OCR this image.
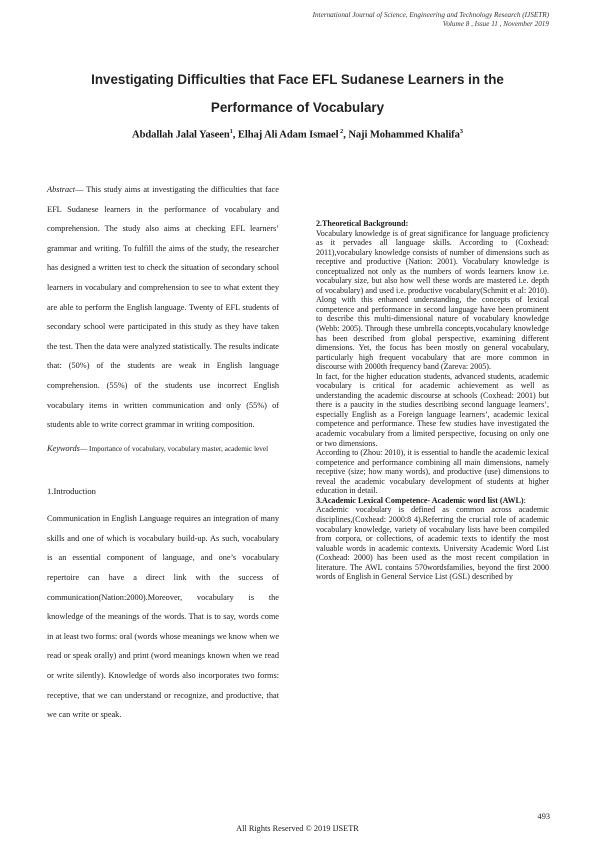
International Journal of Science, Engineering and Technology Research (IJSETR)
Volume 8 , Issue 11 , November 2019
Investigating Difficulties that Face EFL Sudanese Learners in the
Performance of Vocabulary
Abdallah Jalal Yaseen$^1$, Elhaj Ali Adam Ismael $^2$, Naji Mohammed Khalifa$^3$

Abstract— This study aims at investigating the difficulties that face EFL Sudanese learners in the performance of vocabulary and comprehension. The study also aims at checking EFL learners’ grammar and writing. To fulfill the aims of the study, the researcher has designed a written test to check the situation of secondary school learners in vocabulary and comprehension to see to what extent they are able to perform the English language. Twenty of EFL students of secondary school were participated in this study as they have taken the test. Then the data were analyzed statistically. The results indicate that: (50%) of the students are weak in English language comprehension. (55%) of the students use incorrect English vocabulary items in written communication and only (55%) of students able to write correct grammar in writing composition.

Keywords— Importance of vocabulary, vocabulary master, academic level

1.Introduction

Communication in English Language requires an integration of many skills and one of which is vocabulary build-up. As such, vocabulary is an essential component of language, and one’s vocabulary repertoire can have a direct link with the success of communication(Nation:2000).Moreover, vocabulary is the knowledge of the meanings of the words. That is to say, words come in at least two forms: oral (words whose meanings we know when we read or speak orally) and print (word meanings known when we read or write silently). Knowledge of words also incorporates two forms: receptive, that we can understand or recognize, and productive, that we can write or speak.

2.Theoretical Background:

Vocabulary knowledge is of great significance for language proficiency as it pervades all language skills. According to (Coxhead: 2011),vocabulary knowledge consists of number of dimensions such as receptive and productive (Nation: 2001). Vocabulary knowledge is conceptualized not only as the numbers of words learners know i.e. vocabulary size, but also how well these words are mastered i.e. depth of vocabulary) and used i.e. productive vocabulary(Schmitt et al: 2010). Along with this enhanced understanding, the concepts of lexical competence and performance in second language have been prominent to describe this multi-dimensional nature of vocabulary knowledge (Webb: 2005). Through these umbrella concepts,vocabulary knowledge has been described from global perspective, examining different dimensions. Yet, the focus has been mostly on general vocabulary, particularly high frequent vocabulary that are more common in discourse with 2000th frequency band (Zareva: 2005).

In fact, for the higher education students, advanced students, academic vocabulary is critical for academic achievement as well as understanding the academic discourse at schools (Coxhead: 2001) but there is a paucity in the studies describing second language learners’, especially English as a Foreign language learners’, academic lexical competence and performance. These few studies have investigated the academic vocabulary from a limited perspective, focusing on only one or two dimensions.

According to (Zhou: 2010), it is essential to handle the academic lexical competence and performance combining all main dimensions, namely receptive (size; how many words), and productive (use) dimensions to reveal the academic vocabulary development of students at higher education in detail.

3.Academic Lexical Competence- Academic word list (AWL):

Academic vocabulary is defined as common across academic disciplines,(Coxhead: 2000:8 4).Referring the crucial role of academic vocabulary knowledge, variety of vocabulary lists have been compiled from corpora, or collections, of academic texts to identify the most valuable words in academic contexts. University Academic Word List (Coxhead: 2000) has been used as the most recent compilation in literature. The AWL contains 570wordsfamilies, beyond the first 2000 words of English in General Service List (GSL) described by

493
All Rights Reserved © 2019 IJSETR
